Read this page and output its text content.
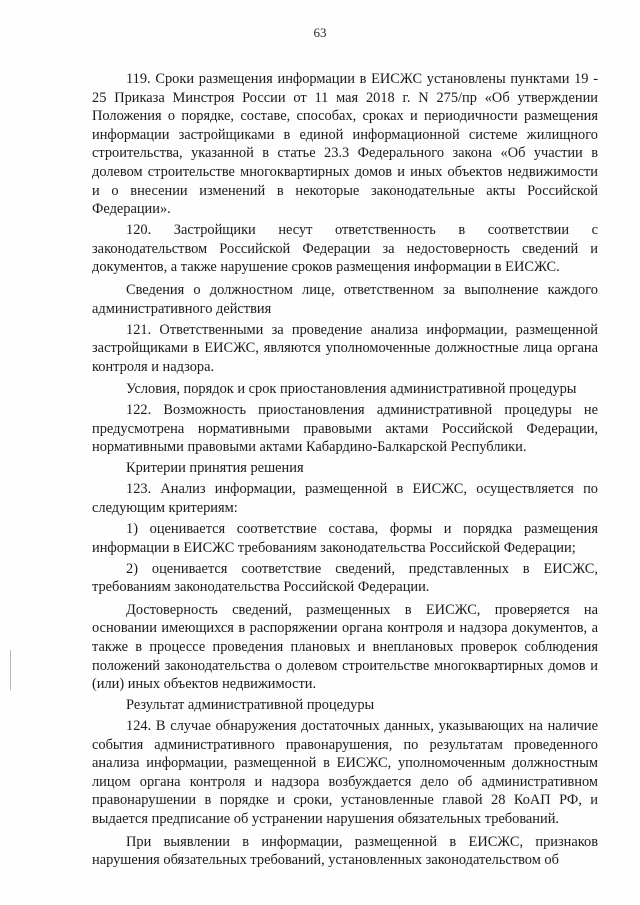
63

119. Сроки размещения информации в ЕИСЖС установлены пунктами 19 - 25 Приказа Минстроя России от 11 мая 2018 г. N 275/пр «Об утверждении Положения о порядке, составе, способах, сроках и периодичности размещения информации застройщиками в единой информационной системе жилищного строительства, указанной в статье 23.3 Федерального закона «Об участии в долевом строительстве многоквартирных домов и иных объектов недвижимости и о внесении изменений в некоторые законодательные акты Российской Федерации».

120. Застройщики несут ответственность в соответствии с законодательством Российской Федерации за недостоверность сведений и документов, а также нарушение сроков размещения информации в ЕИСЖС.

Сведения о должностном лице, ответственном за выполнение каждого административного действия

121. Ответственными за проведение анализа информации, размещенной застройщиками в ЕИСЖС, являются уполномоченные должностные лица органа контроля и надзора.

Условия, порядок и срок приостановления административной процедуры

122. Возможность приостановления административной процедуры не предусмотрена нормативными правовыми актами Российской Федерации, нормативными правовыми актами Кабардино-Балкарской Республики.

Критерии принятия решения

123. Анализ информации, размещенной в ЕИСЖС, осуществляется по следующим критериям:

1) оценивается соответствие состава, формы и порядка размещения информации в ЕИСЖС требованиям законодательства Российской Федерации;

2) оценивается соответствие сведений, представленных в ЕИСЖС, требованиям законодательства Российской Федерации.

Достоверность сведений, размещенных в ЕИСЖС, проверяется на основании имеющихся в распоряжении органа контроля и надзора документов, а также в процессе проведения плановых и внеплановых проверок соблюдения положений законодательства о долевом строительстве многоквартирных домов и (или) иных объектов недвижимости.

Результат административной процедуры

124. В случае обнаружения достаточных данных, указывающих на наличие события административного правонарушения, по результатам проведенного анализа информации, размещенной в ЕИСЖС, уполномоченным должностным лицом органа контроля и надзора возбуждается дело об административном правонарушении в порядке и сроки, установленные главой 28 КоАП РФ, и выдается предписание об устранении нарушения обязательных требований.

При выявлении в информации, размещенной в ЕИСЖС, признаков нарушения обязательных требований, установленных законодательством об
